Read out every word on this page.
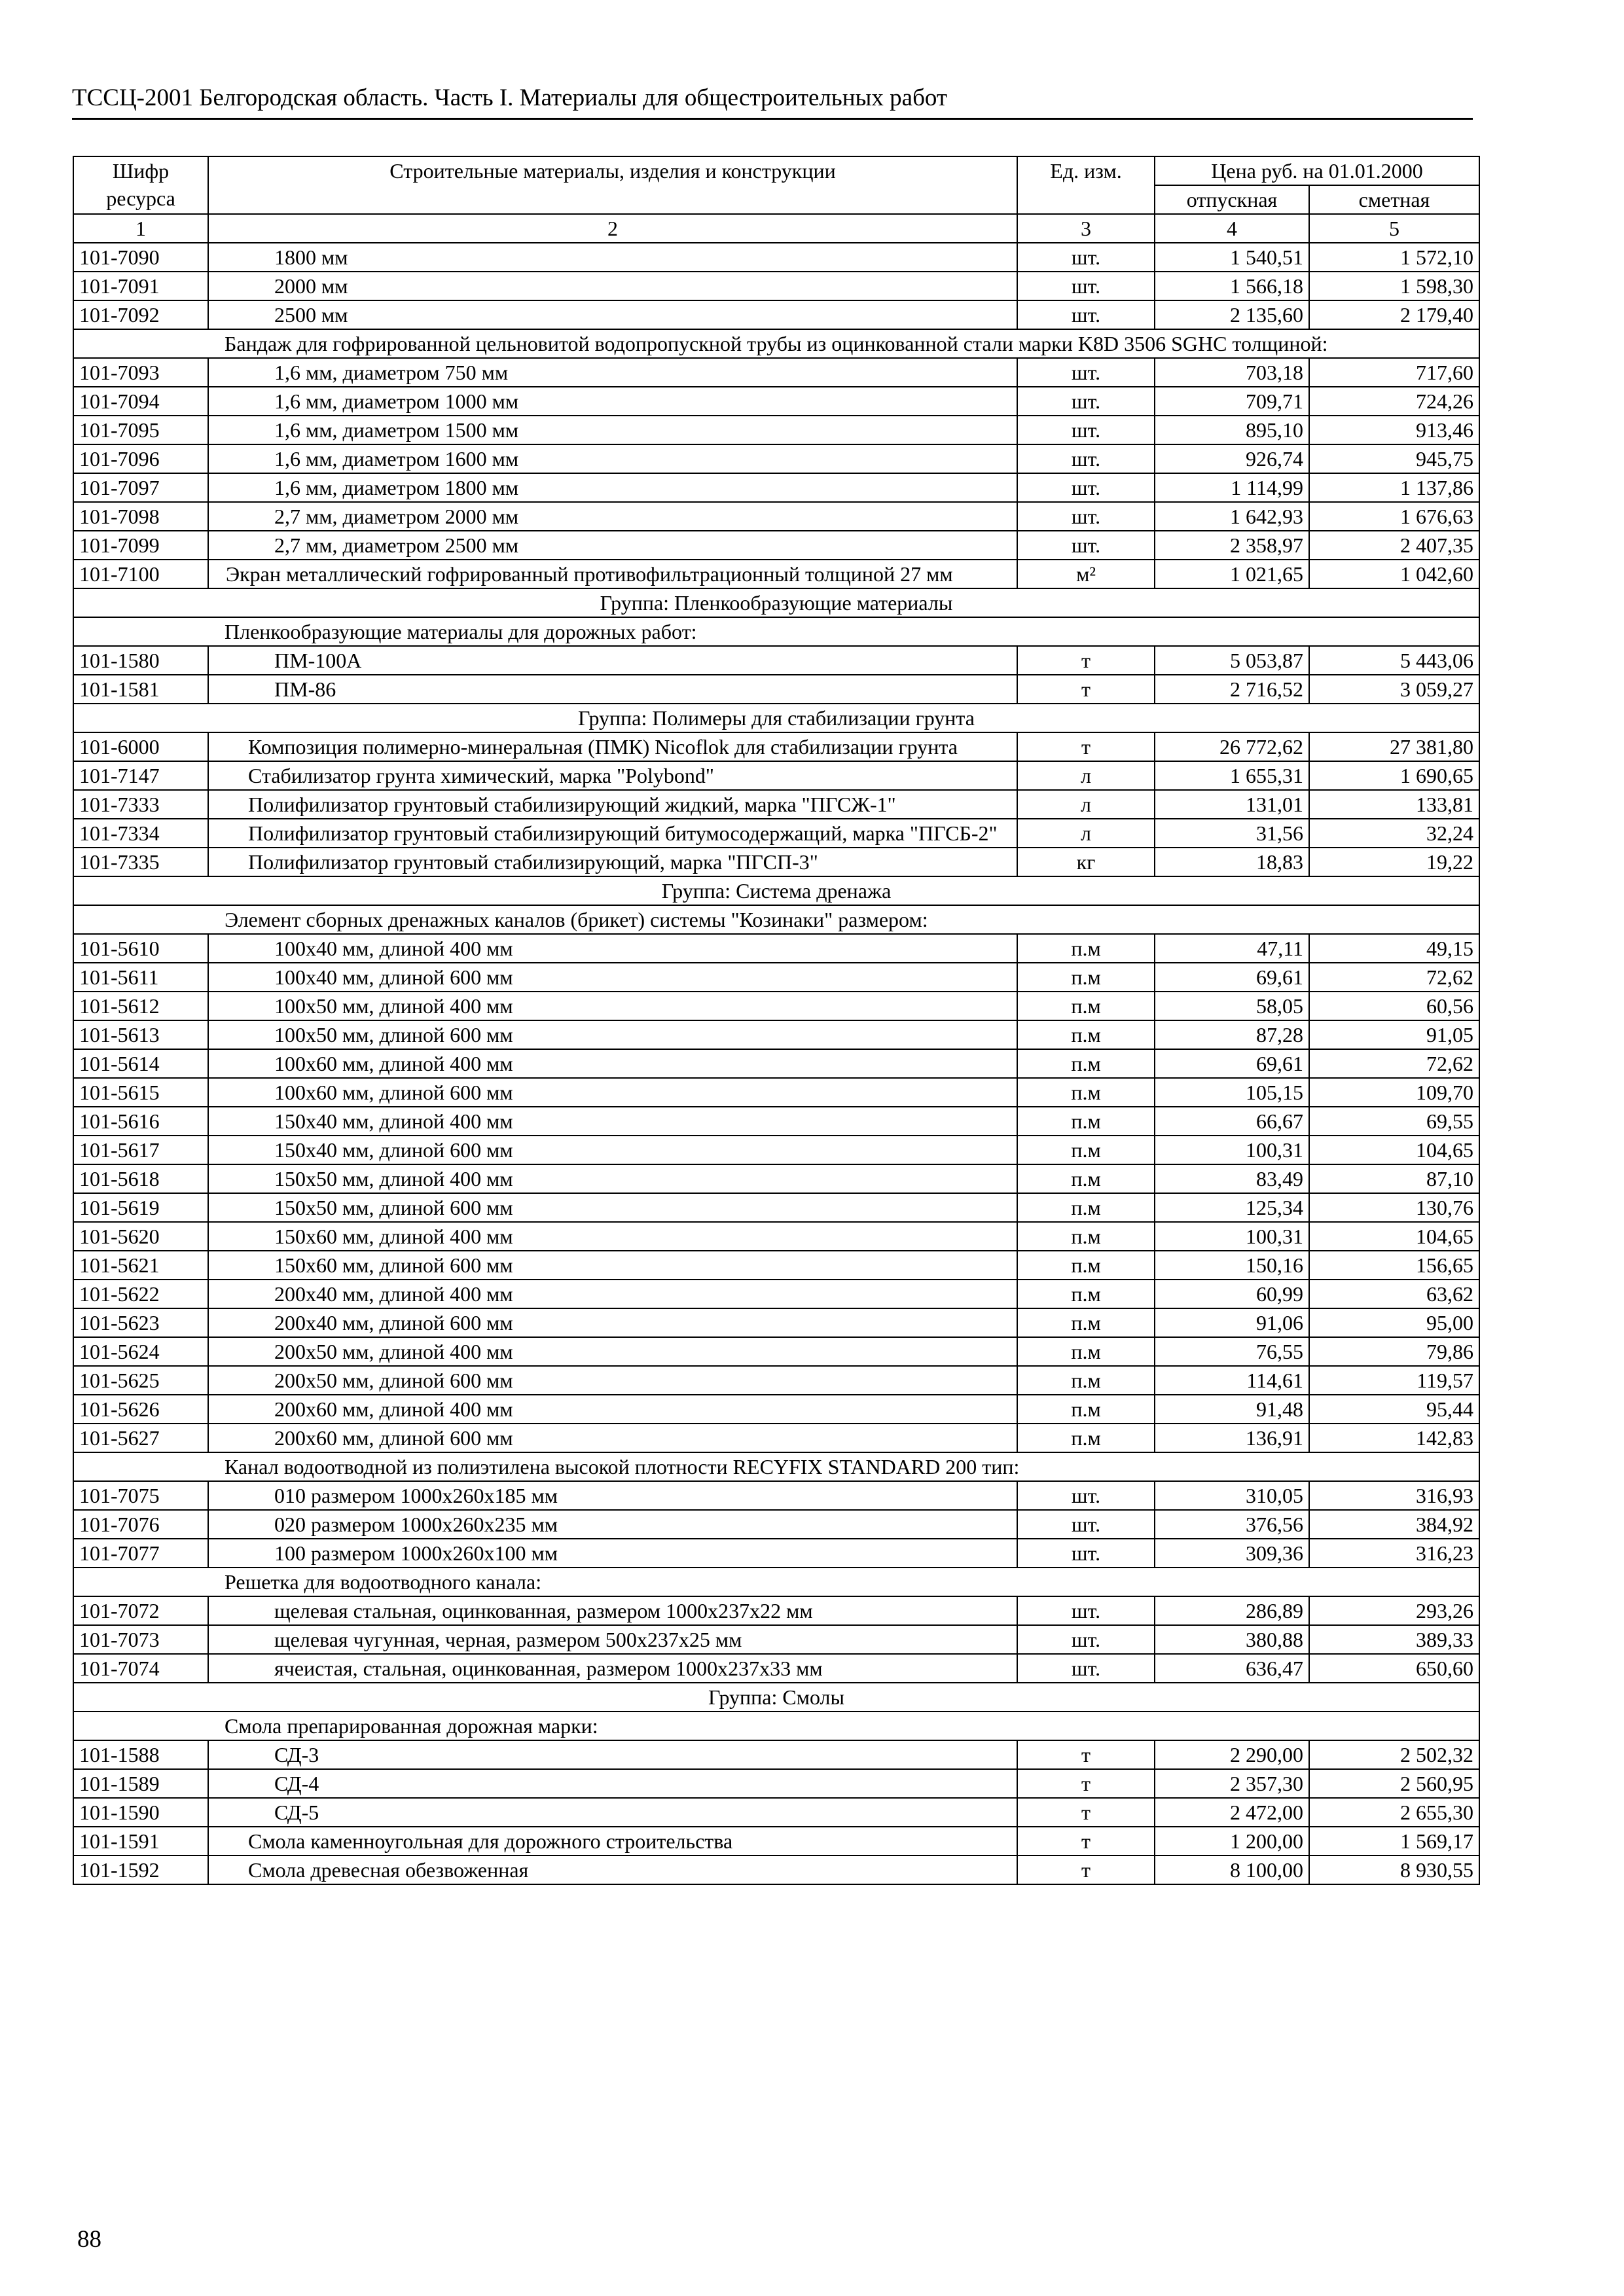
ТССЦ-2001 Белгородская область. Часть I. Материалы для общестроительных работ
Шифр ресурса	Строительные материалы, изделия и конструкции	Ед. изм.	Цена руб. на 01.01.2000	
			отпускная	сметная
1	2	3	4	5
101-7090	1800 мм	шт.	1 540,51	1 572,10
101-7091	2000 мм	шт.	1 566,18	1 598,30
101-7092	2500 мм	шт.	2 135,60	2 179,40
Бандаж для гофрированной цельновитой водопропускной трубы из оцинкованной стали марки K8D 3506 SGHC толщиной:				
101-7093	1,6 мм, диаметром 750 мм	шт.	703,18	717,60
101-7094	1,6 мм, диаметром 1000 мм	шт.	709,71	724,26
101-7095	1,6 мм, диаметром 1500 мм	шт.	895,10	913,46
101-7096	1,6 мм, диаметром 1600 мм	шт.	926,74	945,75
101-7097	1,6 мм, диаметром 1800 мм	шт.	1 114,99	1 137,86
101-7098	2,7 мм, диаметром 2000 мм	шт.	1 642,93	1 676,63
101-7099	2,7 мм, диаметром 2500 мм	шт.	2 358,97	2 407,35
101-7100	Экран металлический гофрированный противофильтрационный толщиной 27 мм	м²	1 021,65	1 042,60
Группа: Пленкообразующие материалы				
Пленкообразующие материалы для дорожных работ:				
101-1580	ПМ-100А	т	5 053,87	5 443,06
101-1581	ПМ-86	т	2 716,52	3 059,27
Группа: Полимеры для стабилизации грунта				
101-6000	Композиция полимерно-минеральная (ПМК) Nicoflok для стабилизации грунта	т	26 772,62	27 381,80
101-7147	Стабилизатор грунта химический, марка "Polybond"	л	1 655,31	1 690,65
101-7333	Полифилизатор грунтовый стабилизирующий жидкий, марка "ПГСЖ-1"	л	131,01	133,81
101-7334	Полифилизатор грунтовый стабилизирующий битумосодержащий, марка "ПГСБ-2"	л	31,56	32,24
101-7335	Полифилизатор грунтовый стабилизирующий, марка "ПГСП-3"	кг	18,83	19,22
Группа: Система дренажа				
Элемент сборных дренажных каналов (брикет) системы "Козинаки" размером:				
101-5610	100х40 мм, длиной 400 мм	п.м	47,11	49,15
101-5611	100х40 мм, длиной 600 мм	п.м	69,61	72,62
101-5612	100х50 мм, длиной 400 мм	п.м	58,05	60,56
101-5613	100х50 мм, длиной 600 мм	п.м	87,28	91,05
101-5614	100х60 мм, длиной 400 мм	п.м	69,61	72,62
101-5615	100х60 мм, длиной 600 мм	п.м	105,15	109,70
101-5616	150х40 мм, длиной 400 мм	п.м	66,67	69,55
101-5617	150х40 мм, длиной 600 мм	п.м	100,31	104,65
101-5618	150х50 мм, длиной 400 мм	п.м	83,49	87,10
101-5619	150х50 мм, длиной 600 мм	п.м	125,34	130,76
101-5620	150х60 мм, длиной 400 мм	п.м	100,31	104,65
101-5621	150х60 мм, длиной 600 мм	п.м	150,16	156,65
101-5622	200х40 мм, длиной 400 мм	п.м	60,99	63,62
101-5623	200х40 мм, длиной 600 мм	п.м	91,06	95,00
101-5624	200х50 мм, длиной 400 мм	п.м	76,55	79,86
101-5625	200х50 мм, длиной 600 мм	п.м	114,61	119,57
101-5626	200х60 мм, длиной 400 мм	п.м	91,48	95,44
101-5627	200х60 мм, длиной 600 мм	п.м	136,91	142,83
Канал водоотводной из полиэтилена высокой плотности RECYFIX STANDARD 200 тип:				
101-7075	010 размером 1000х260х185 мм	шт.	310,05	316,93
101-7076	020 размером 1000х260х235 мм	шт.	376,56	384,92
101-7077	100 размером 1000х260х100 мм	шт.	309,36	316,23
Решетка для водоотводного канала:				
101-7072	щелевая стальная, оцинкованная, размером 1000х237х22 мм	шт.	286,89	293,26
101-7073	щелевая чугунная, черная, размером 500х237х25 мм	шт.	380,88	389,33
101-7074	ячеистая, стальная, оцинкованная, размером 1000х237х33 мм	шт.	636,47	650,60
Группа: Смолы				
Смола препарированная дорожная марки:				
101-1588	СД-3	т	2 290,00	2 502,32
101-1589	СД-4	т	2 357,30	2 560,95
101-1590	СД-5	т	2 472,00	2 655,30
101-1591	Смола каменноугольная для дорожного строительства	т	1 200,00	1 569,17
101-1592	Смола древесная обезвоженная	т	8 100,00	8 930,55
88
